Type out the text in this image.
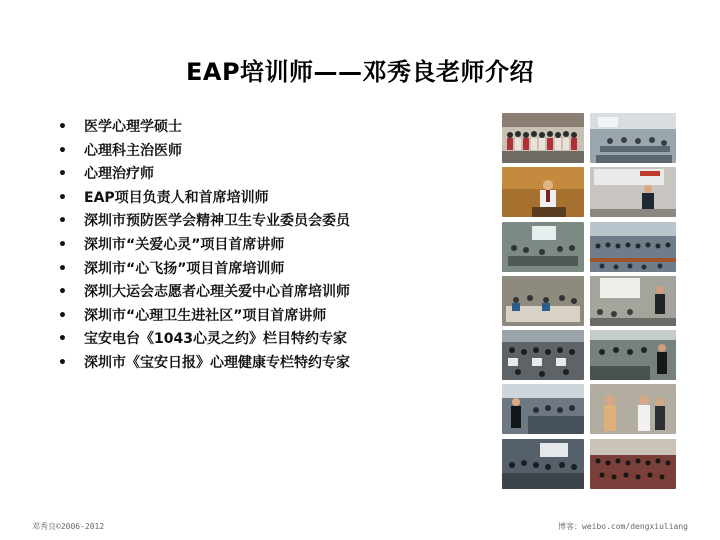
EAP培训师——邓秀良老师介绍
• 医学心理学硕士
• 心理科主治医师
• 心理治疗师
• EAP项目负责人和首席培训师
• 深圳市预防医学会精神卫生专业委员会委员
• 深圳市“关爱心灵”项目首席讲师
• 深圳市“心飞扬”项目首席培训师
• 深圳大运会志愿者心理关爱中心首席培训师
• 深圳市“心理卫生进社区”项目首席讲师
• 宝安电台《1043心灵之约》栏目特约专家
• 深圳市《宝安日报》心理健康专栏特约专家
邓秀良©2006-2012	博客：weibo.com/dengxiuliang
